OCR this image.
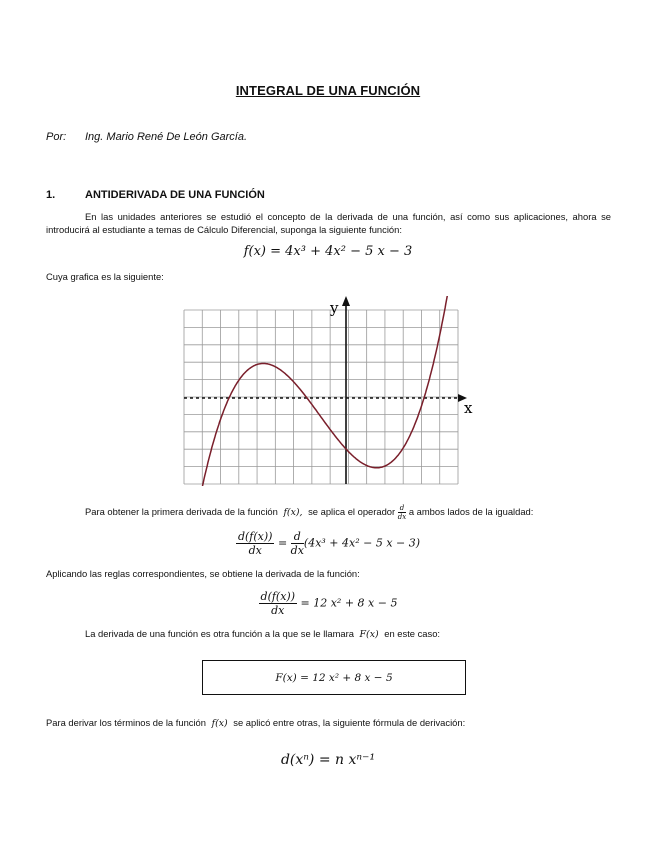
INTEGRAL DE UNA FUNCIÓN
Por: Ing. Mario René De León García.
1.	ANTIDERIVADA DE UNA FUNCIÓN
En las unidades anteriores se estudió el concepto de la derivada de una función, así como sus aplicaciones, ahora se introducirá al estudiante a temas de Cálculo Diferencial, suponga la siguiente función:
f(x) = 4x³ + 4x² − 5 x − 3
Cuya grafica es la siguiente:
y
x
Para obtener la primera derivada de la función f(x), se aplica el operador $\frac{d}{dx}$ a ambos lados de la igualdad:
$\frac{d(f(x))}{dx} = \frac{d}{dx} (4x^3 + 4x^2 - 5$ x − 3)
Aplicando las reglas correspondientes, se obtiene la derivada de la función:
$\frac{d(f(x))}{dx} = 12$ x² + 8 x − 5
La derivada de una función es otra función a la que se le llamara F(x) en este caso:
F(x) = 12 x² + 8 x − 5
Para derivar los términos de la función f(x) se aplicó entre otras, la siguiente fórmula de derivación:
d(xⁿ) = n xⁿ⁻¹
